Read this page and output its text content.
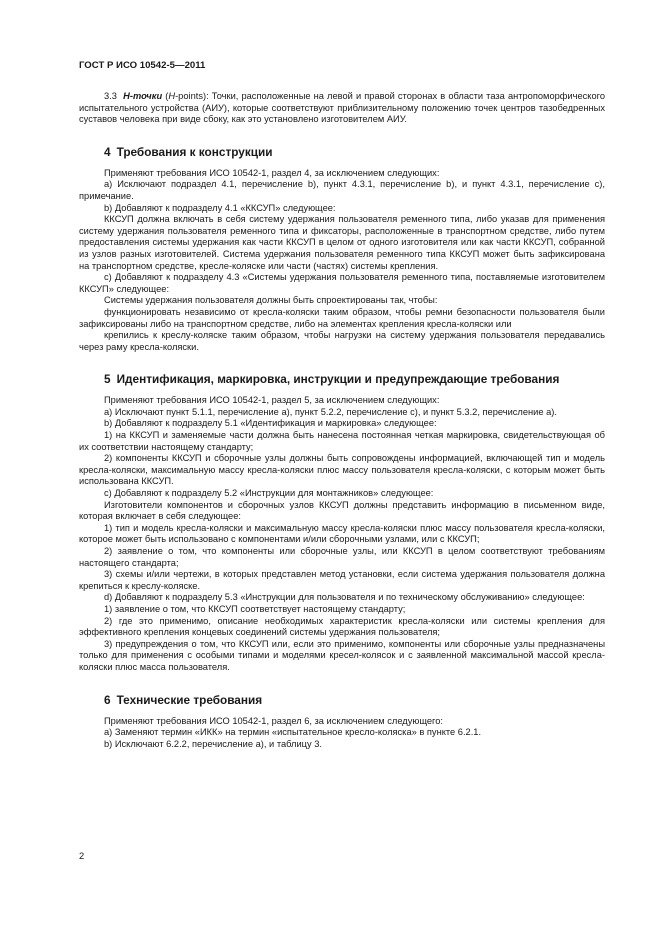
ГОСТ Р ИСО 10542-5—2011

3.3 H-точки (H-points): Точки, расположенные на левой и правой сторонах в области таза антропоморфического испытательного устройства (АИУ), которые соответствуют приблизительному положению точек центров тазобедренных суставов человека при виде сбоку, как это установлено изготовителем АИУ.

4 Требования к конструкции

Применяют требования ИСО 10542-1, раздел 4, за исключением следующих:

а) Исключают подраздел 4.1, перечисление b), пункт 4.3.1, перечисление b), и пункт 4.3.1, перечисление с), примечание.

b) Добавляют к подразделу 4.1 «ККСУП» следующее:

ККСУП должна включать в себя систему удержания пользователя ременного типа, либо указав для применения систему удержания пользователя ременного типа и фиксаторы, расположенные в транспортном средстве, либо путем предоставления системы удержания как части ККСУП в целом от одного изготовителя или как части ККСУП, собранной из узлов разных изготовителей. Система удержания пользователя ременного типа ККСУП может быть зафиксирована на транспортном средстве, кресле-коляске или части (частях) системы крепления.

с) Добавляют к подразделу 4.3 «Системы удержания пользователя ременного типа, поставляемые изготовителем ККСУП» следующее:

Системы удержания пользователя должны быть спроектированы так, чтобы:

функционировать независимо от кресла-коляски таким образом, чтобы ремни безопасности пользователя были зафиксированы либо на транспортном средстве, либо на элементах крепления кресла-коляски или

крепились к креслу-коляске таким образом, чтобы нагрузки на систему удержания пользователя передавались через раму кресла-коляски.

5 Идентификация, маркировка, инструкции и предупреждающие требования

Применяют требования ИСО 10542-1, раздел 5, за исключением следующих:

а) Исключают пункт 5.1.1, перечисление а), пункт 5.2.2, перечисление с), и пункт 5.3.2, перечисление а).

b) Добавляют к подразделу 5.1 «Идентификация и маркировка» следующее:

1) на ККСУП и заменяемые части должна быть нанесена постоянная четкая маркировка, свидетельствующая об их соответствии настоящему стандарту;

2) компоненты ККСУП и сборочные узлы должны быть сопровождены информацией, включающей тип и модель кресла-коляски, максимальную массу кресла-коляски плюс массу пользователя кресла-коляски, с которым может быть использована ККСУП.

с) Добавляют к подразделу 5.2 «Инструкции для монтажников» следующее:

Изготовители компонентов и сборочных узлов ККСУП должны представить информацию в письменном виде, которая включает в себя следующее:

1) тип и модель кресла-коляски и максимальную массу кресла-коляски плюс массу пользователя кресла-коляски, которое может быть использовано с компонентами и/или сборочными узлами, или с ККСУП;

2) заявление о том, что компоненты или сборочные узлы, или ККСУП в целом соответствуют требованиям настоящего стандарта;

3) схемы и/или чертежи, в которых представлен метод установки, если система удержания пользователя должна крепиться к креслу-коляске.

d) Добавляют к подразделу 5.3 «Инструкции для пользователя и по техническому обслуживанию» следующее:

1) заявление о том, что ККСУП соответствует настоящему стандарту;

2) где это применимо, описание необходимых характеристик кресла-коляски или системы крепления для эффективного крепления концевых соединений системы удержания пользователя;

3) предупреждения о том, что ККСУП или, если это применимо, компоненты или сборочные узлы предназначены только для применения с особыми типами и моделями кресел-колясок и с заявленной максимальной массой кресла-коляски плюс масса пользователя.

6 Технические требования

Применяют требования ИСО 10542-1, раздел 6, за исключением следующего:

а) Заменяют термин «ИКК» на термин «испытательное кресло-коляска» в пункте 6.2.1.

b) Исключают 6.2.2, перечисление а), и таблицу 3.

2
